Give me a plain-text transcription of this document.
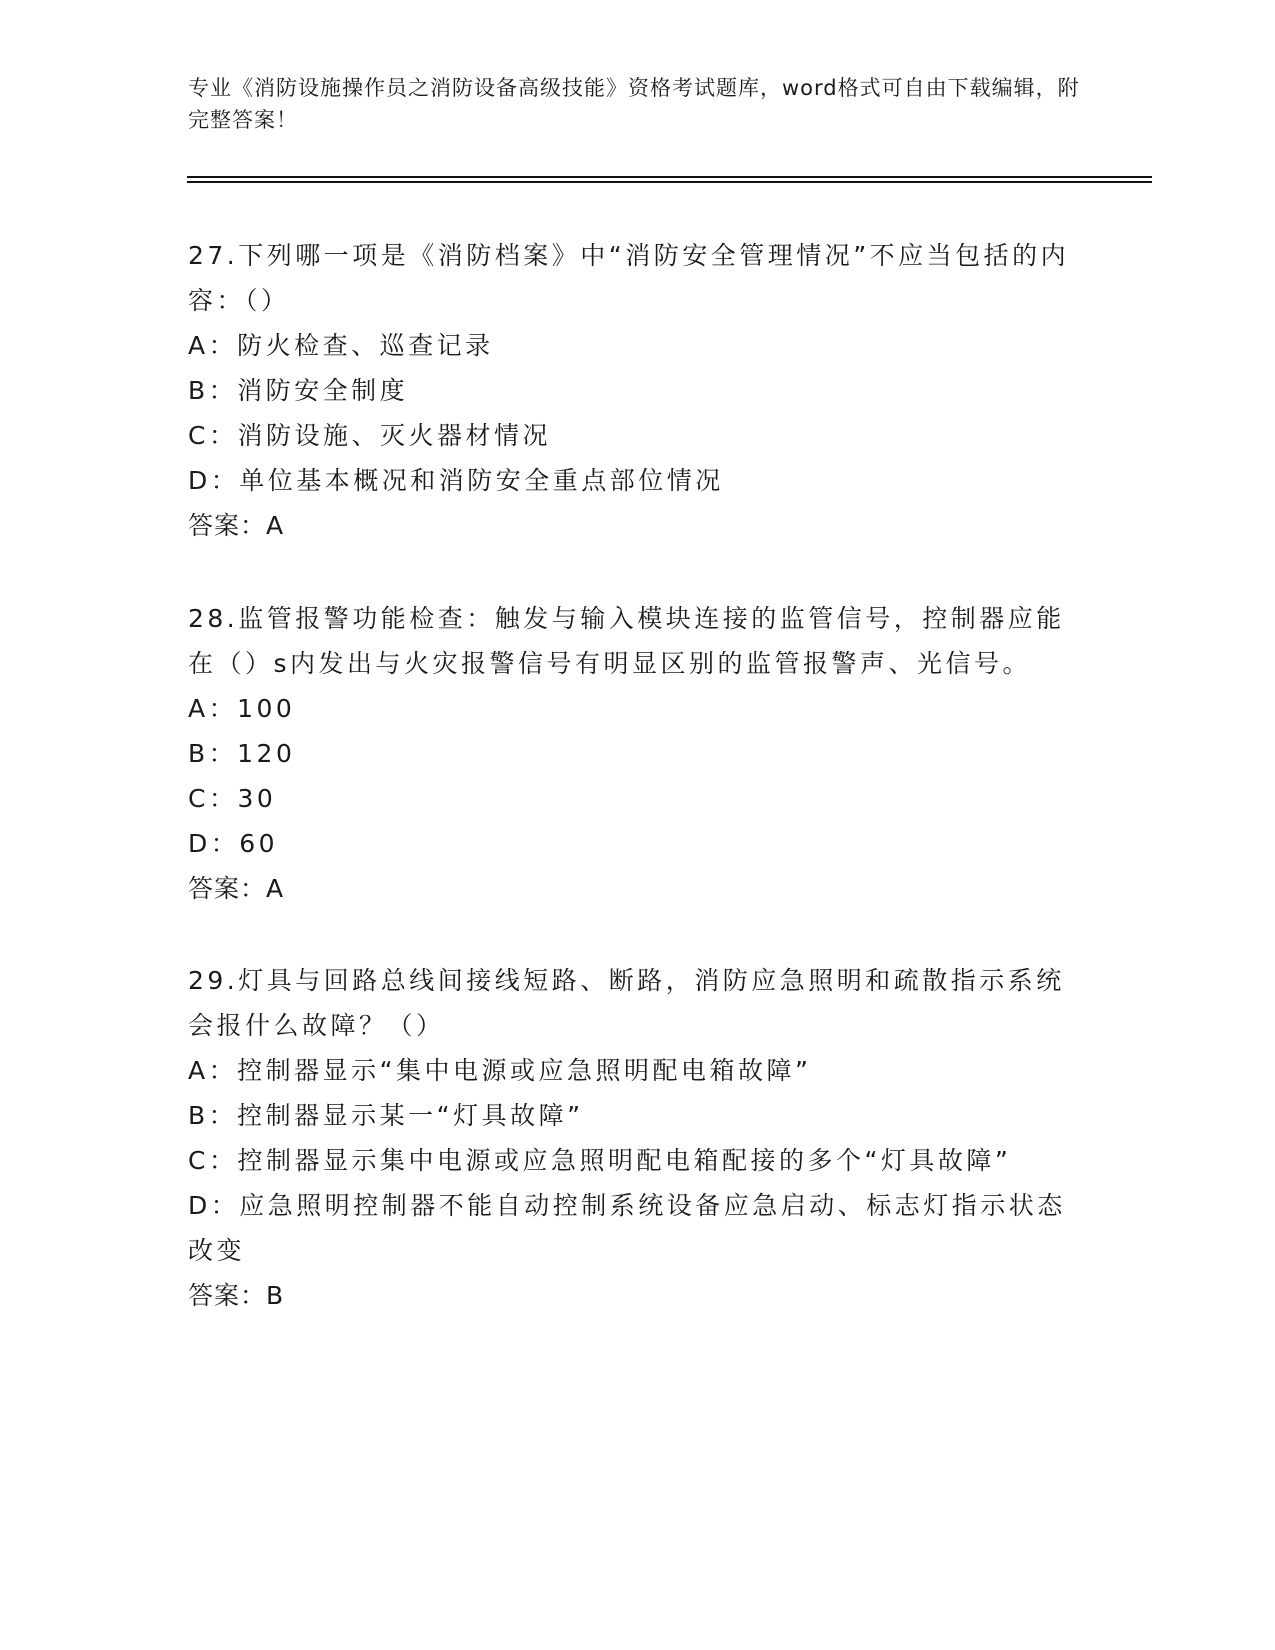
专业《消防设施操作员之消防设备高级技能》资格考试题库，word格式可自由下载编辑，附完整答案！
27.下列哪一项是《消防档案》中“消防安全管理情况”不应当包括的内容：（）
A：防火检查、巡查记录
B：消防安全制度
C：消防设施、灭火器材情况
D：单位基本概况和消防安全重点部位情况
答案：A
28.监管报警功能检查：触发与输入模块连接的监管信号，控制器应能在（）s内发出与火灾报警信号有明显区别的监管报警声、光信号。
A：100
B：120
C：30
D：60
答案：A
29.灯具与回路总线间接线短路、断路，消防应急照明和疏散指示系统会报什么故障？（）
A：控制器显示“集中电源或应急照明配电箱故障”
B：控制器显示某一“灯具故障”
C：控制器显示集中电源或应急照明配电箱配接的多个“灯具故障”
D：应急照明控制器不能自动控制系统设备应急启动、标志灯指示状态改变
答案：B
